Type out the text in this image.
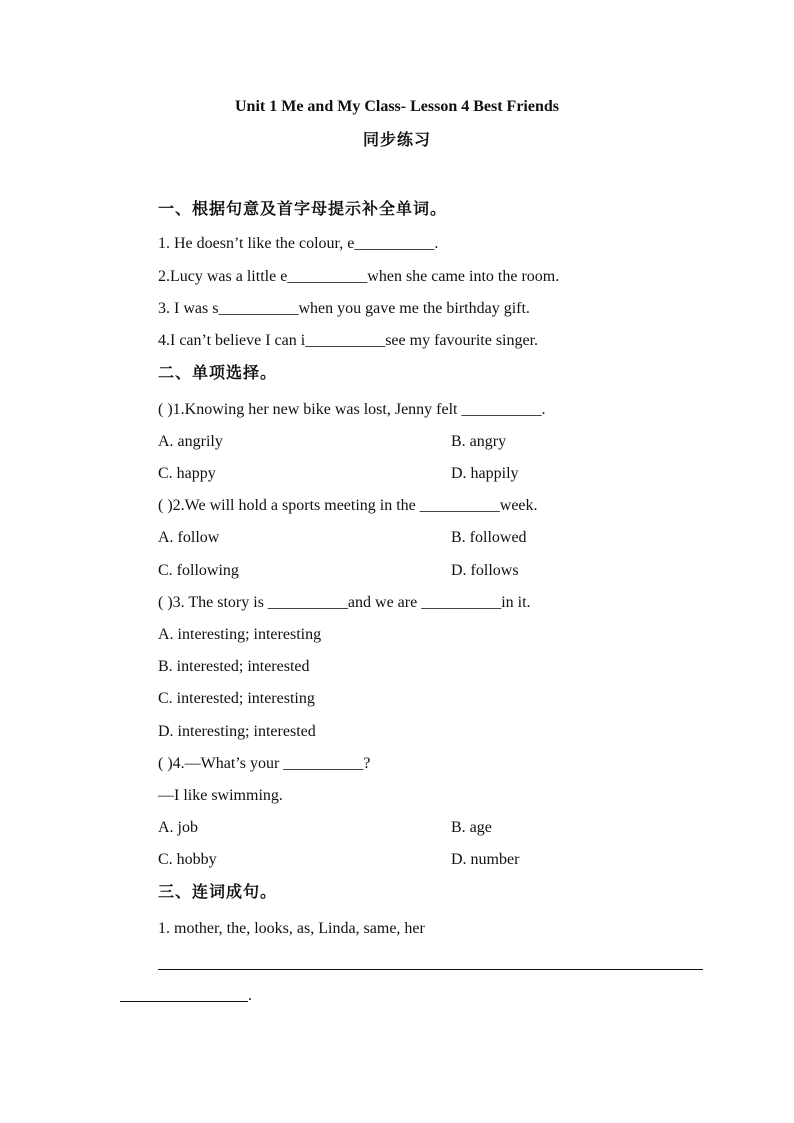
Unit 1 Me and My Class- Lesson 4 Best Friends
同步练习
一、根据句意及首字母提示补全单词。
1. He doesn’t like the colour, e__________.
2.Lucy was a little e__________when she came into the room.
3. I was s__________when you gave me the birthday gift.
4.I can’t believe I can i__________see my favourite singer.
二、单项选择。
( )1.Knowing her new bike was lost, Jenny felt __________.
A. angrily	B. angry
C. happy	D. happily
( )2.We will hold a sports meeting in the __________week.
A. follow	B. followed
C. following	D. follows
( )3. The story is __________and we are __________in it.
A. interesting; interesting
B. interested; interested
C. interested; interesting
D. interesting; interested
( )4.—What’s your __________?
—I like swimming.
A. job	B. age
C. hobby	D. number
三、连词成句。
1. mother, the, looks, as, Linda, same, her
.
